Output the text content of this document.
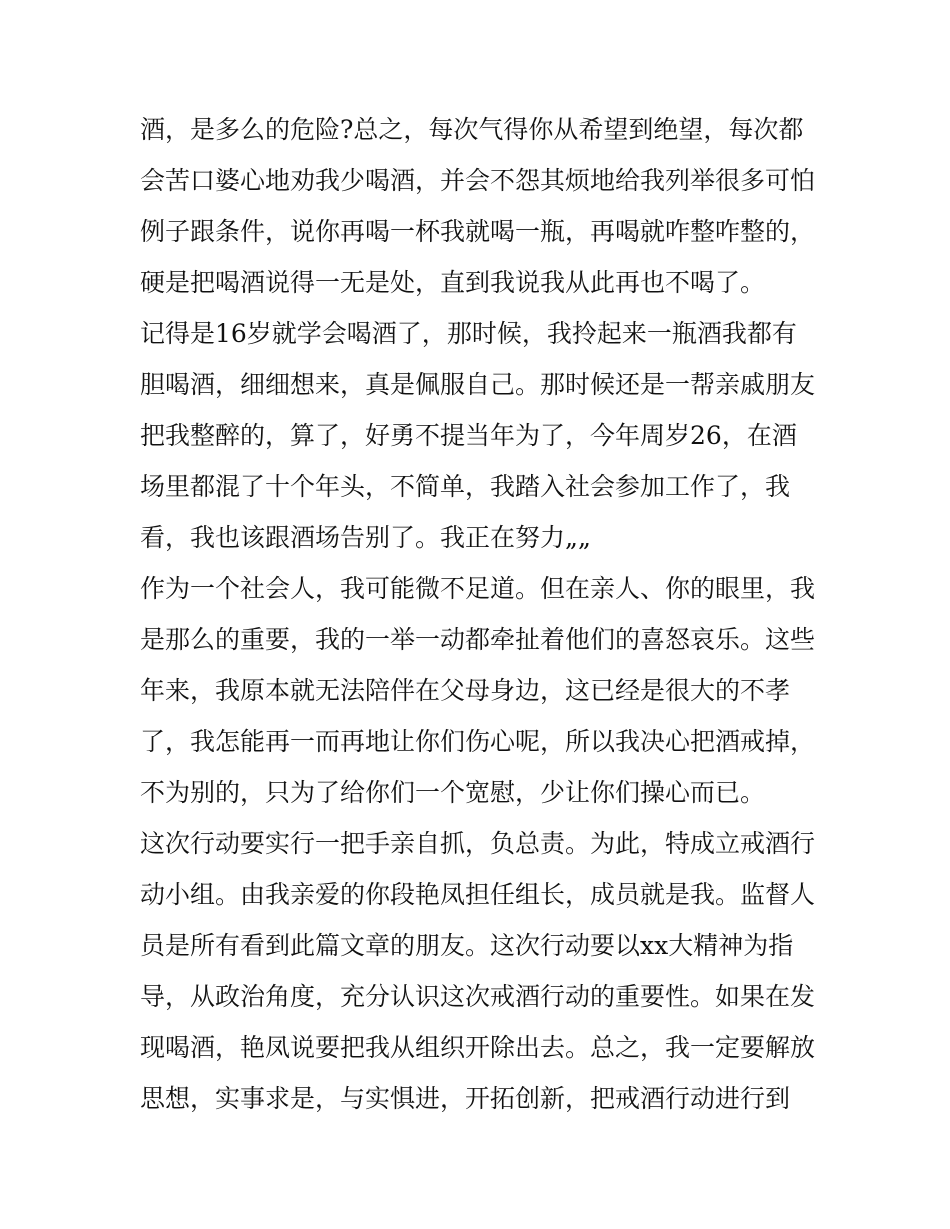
酒，是多么的危险?总之，每次气得你从希望到绝望，每次都
会苦口婆心地劝我少喝酒，并会不怨其烦地给我列举很多可怕
例子跟条件，说你再喝一杯我就喝一瓶，再喝就咋整咋整的，
硬是把喝酒说得一无是处，直到我说我从此再也不喝了。
记得是16岁就学会喝酒了，那时候，我拎起来一瓶酒我都有
胆喝酒，细细想来，真是佩服自己。那时候还是一帮亲戚朋友
把我整醉的，算了，好勇不提当年为了，今年周岁26，在酒
场里都混了十个年头，不简单，我踏入社会参加工作了，我
看，我也该跟酒场告别了。我正在努力„„
作为一个社会人，我可能微不足道。但在亲人、你的眼里，我
是那么的重要，我的一举一动都牵扯着他们的喜怒哀乐。这些
年来，我原本就无法陪伴在父母身边，这已经是很大的不孝
了，我怎能再一而再地让你们伤心呢，所以我决心把酒戒掉，
不为别的，只为了给你们一个宽慰，少让你们操心而已。
这次行动要实行一把手亲自抓，负总责。为此，特成立戒酒行
动小组。由我亲爱的你段艳凤担任组长，成员就是我。监督人
员是所有看到此篇文章的朋友。这次行动要以xx大精神为指
导，从政治角度，充分认识这次戒酒行动的重要性。如果在发
现喝酒，艳凤说要把我从组织开除出去。总之，我一定要解放
思想，实事求是，与实惧进，开拓创新，把戒酒行动进行到
